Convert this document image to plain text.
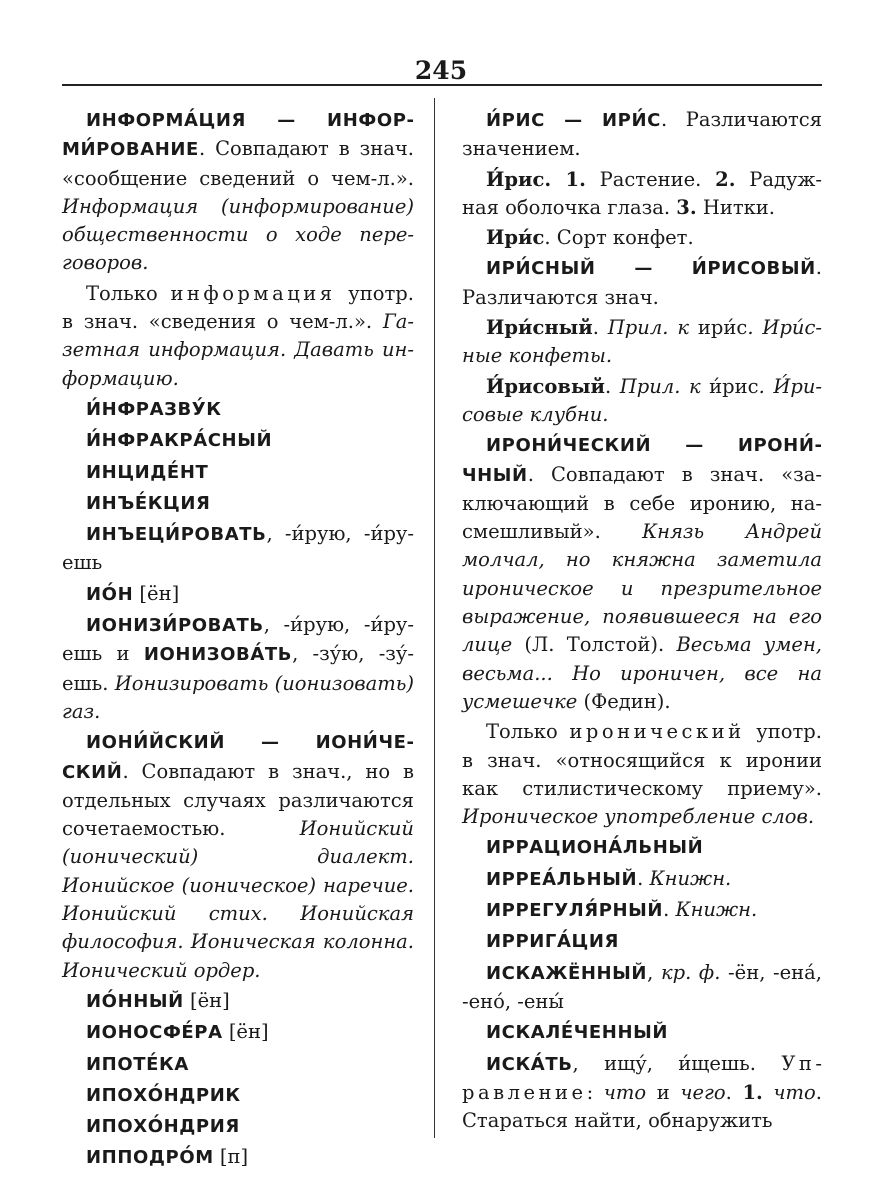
245

ИНФОРМА́ЦИЯ — ИНФОРМИ́РОВАНИЕ. Совпадают в знач. «сообщение сведений о чем-л.». Информация (информирование) общественности о ходе переговоров.

Только информация употр. в знач. «сведения о чем-л.». Газетная информация. Давать информацию.

И́НФРАЗВУ́К

И́НФРАКРА́СНЫЙ

ИНЦИДЕ́НТ

ИНЪЕ́КЦИЯ

ИНЪЕЦИ́РОВАТЬ, -и́рую, -и́руешь

ИО́Н [ён]

ИОНИЗИ́РОВАТЬ, -и́рую, -и́руешь и ИОНИЗОВА́ТЬ, -зу́ю, -зу́ешь. Ионизировать (ионизовать) газ.

ИОНИ́ЙСКИЙ — ИОНИ́ЧЕСКИЙ. Совпадают в знач., но в отдельных случаях различаются сочетаемостью. Ионийский (ионический) диалект. Ионийское (ионическое) наречие. Ионийский стих. Ионийская философия. Ионическая колонна. Ионический ордер.

ИО́ННЫЙ [ён]

ИОНОСФЕ́РА [ён]

ИПОТЕ́КА

ИПОХО́НДРИК

ИПОХО́НДРИЯ

ИППОДРО́М [п]

И́РИС — ИРИ́С. Различаются значением.

И́рис. 1. Растение. 2. Радужная оболочка глаза. 3. Нитки.

Ири́с. Сорт конфет.

ИРИ́СНЫЙ — И́РИСОВЫЙ. Различаются знач.

Ири́сный. Прил. к ири́с. Ири́сные конфеты.

И́рисовый. Прил. к и́рис. И́рисовые клубни.

ИРОНИ́ЧЕСКИЙ — ИРОНИ́ЧНЫЙ. Совпадают в знач. «заключающий в себе иронию, насмешливый». Князь Андрей молчал, но княжна заметила ироническое и презрительное выражение, появившееся на его лице (Л. Толстой). Весьма умен, весьма... Но ироничен, все на усмешечке (Федин).

Только иронический употр. в знач. «относящийся к иронии как стилистическому приему». Ироническое употребление слов.

ИРРАЦИОНА́ЛЬНЫЙ

ИРРЕА́ЛЬНЫЙ. Книжн.

ИРРЕГУЛЯ́РНЫЙ. Книжн.

ИРРИГА́ЦИЯ

ИСКАЖЁННЫЙ, кр. ф. -ён, -ена́, -ено́, -ены́

ИСКАЛЕ́ЧЕННЫЙ

ИСКА́ТЬ, ищу́, и́щешь. Управление: что и чего. 1. что. Стараться найти, обнаружить
